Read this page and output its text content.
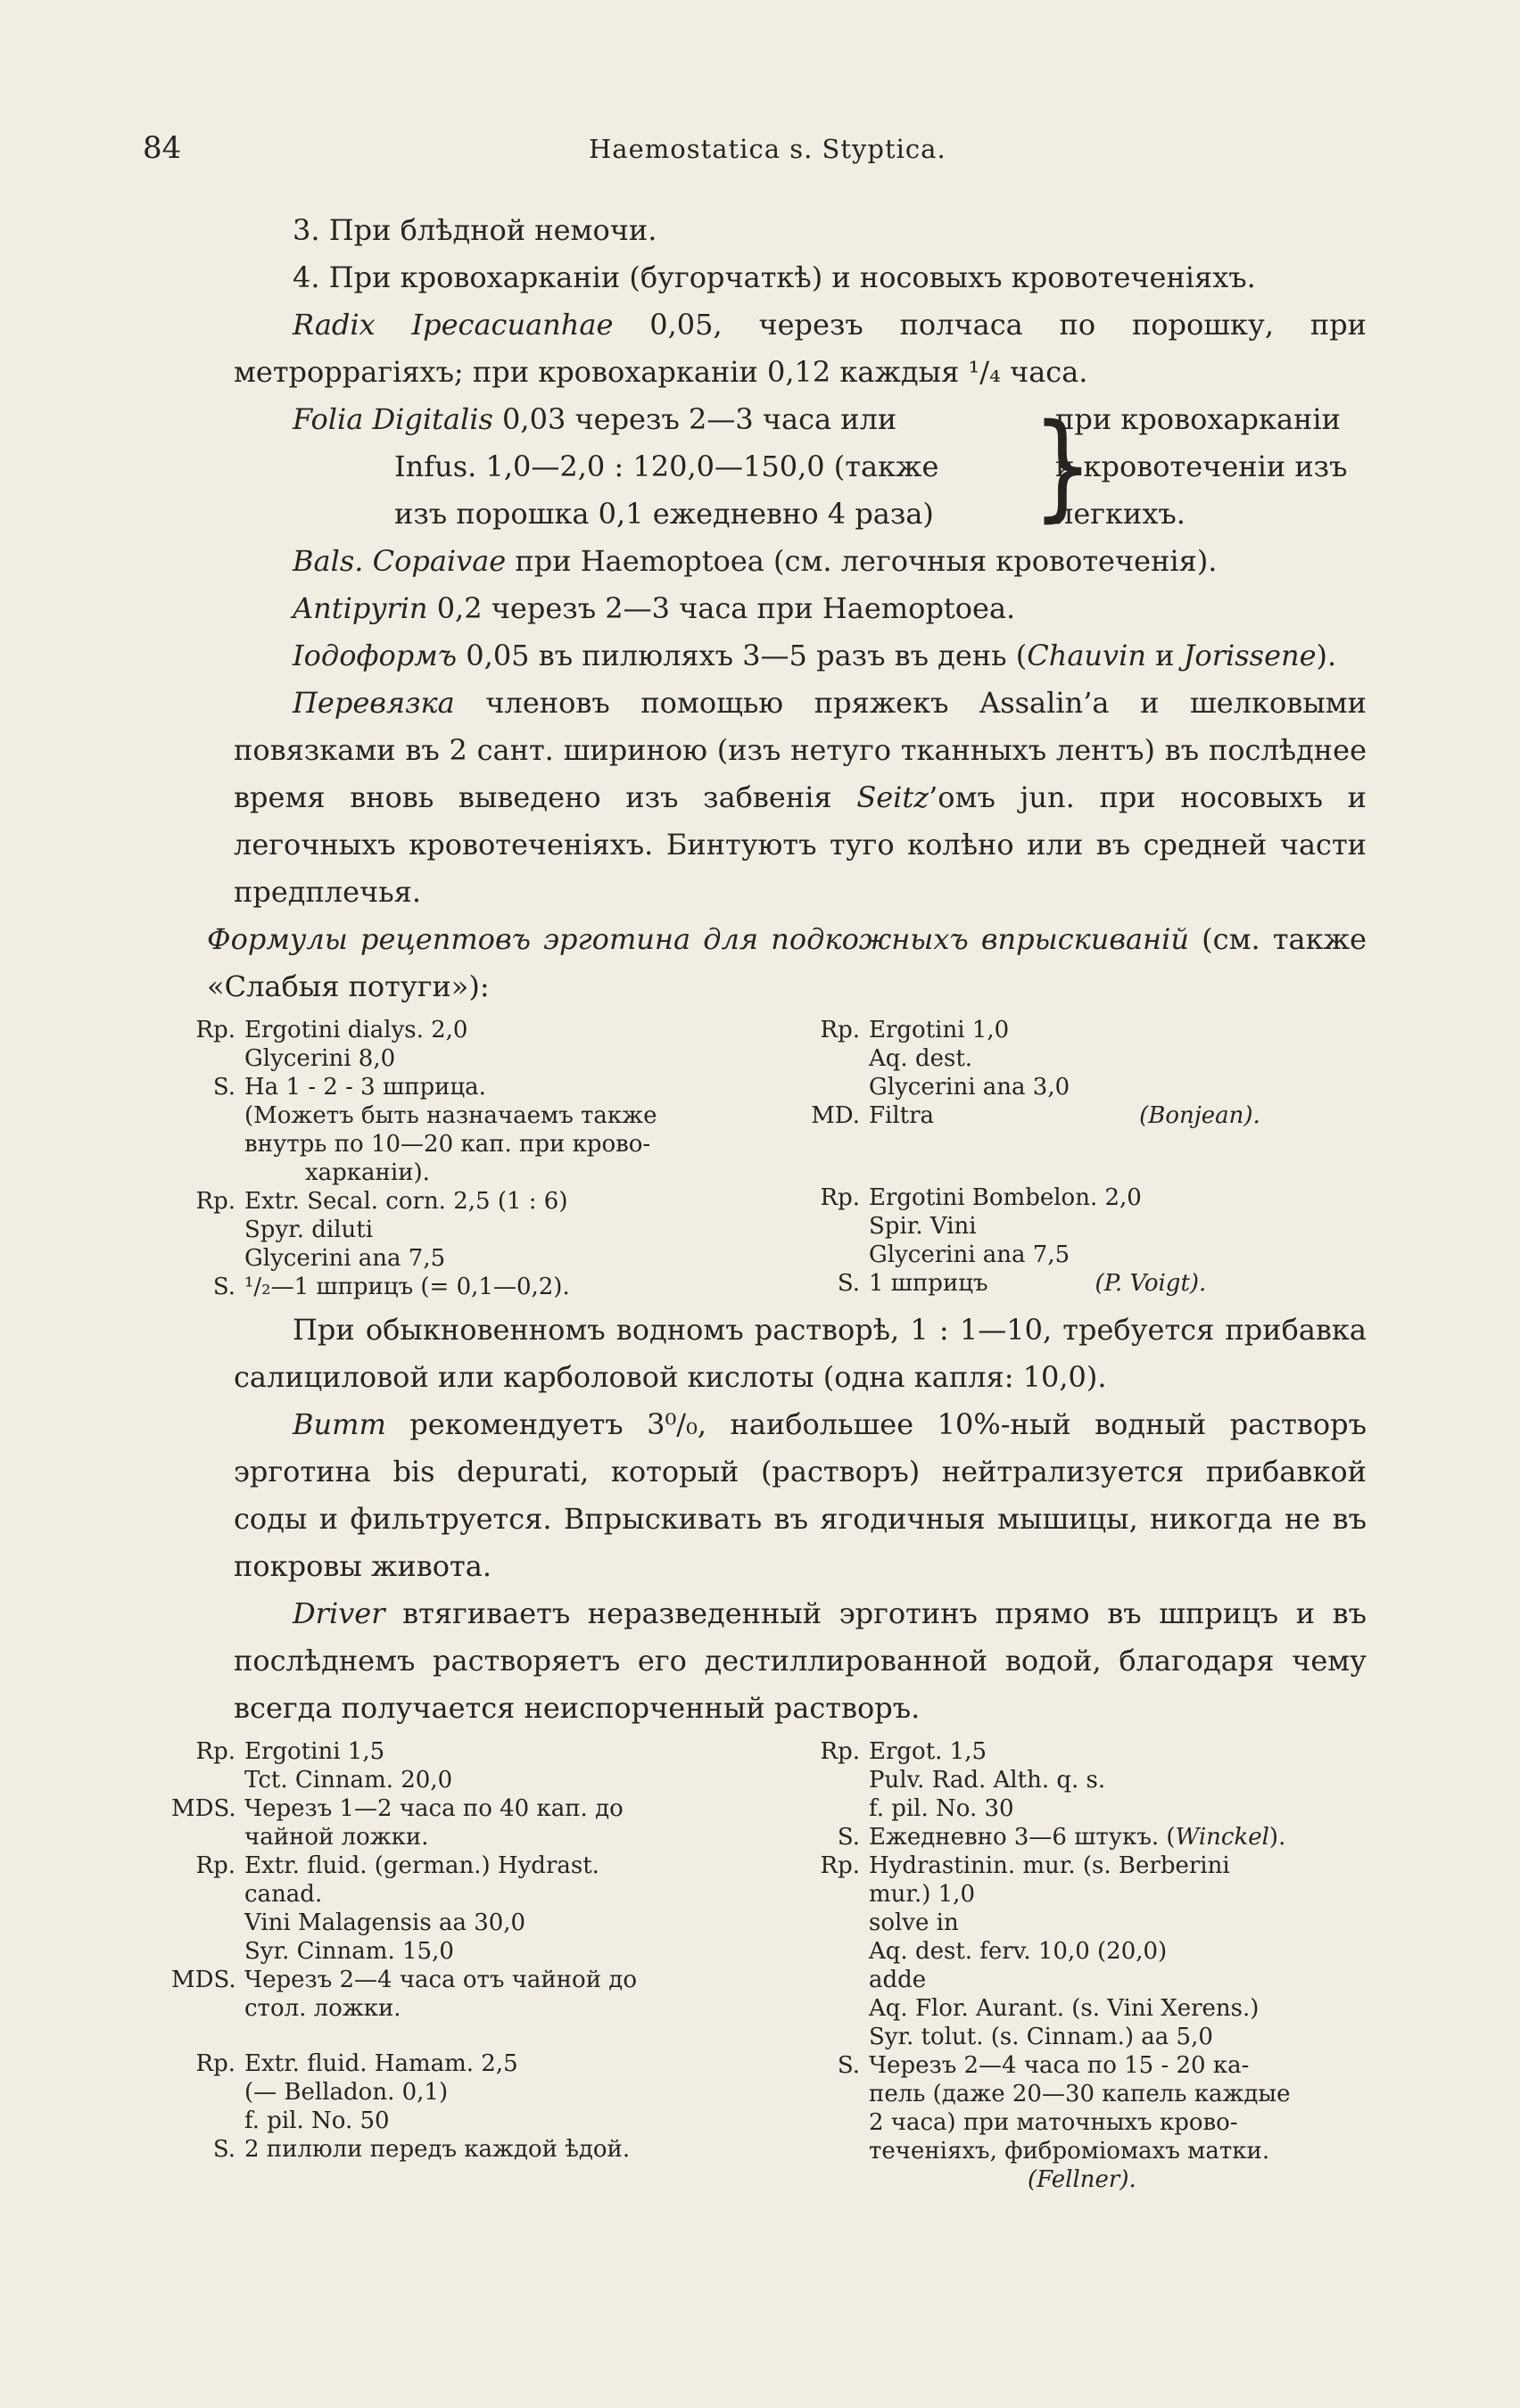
84	Haemostatica s. Styptica.

3. При блѣдной немочи.

4. При кровохарканіи (бугорчаткѣ) и носовыхъ кровотеченіяхъ.

Radix Ipecacuanhae 0,05, черезъ полчаса по порошку, при метроррагіяхъ; при кровохарканіи 0,12 каждыя ¹/₄ часа.

Folia Digitalis 0,03 черезъ 2—3 часа или
Infus. 1,0—2,0 : 120,0—150,0 (также
изъ порошка 0,1 ежедневно 4 раза)	}
при кровохарканіи и кровотеченіи изъ легкихъ.

Bals. Copaivae при Haemoptoea (см. легочныя кровотеченія).

Antipyrin 0,2 черезъ 2—3 часа при Haemoptoea.

Іодоформъ 0,05 въ пилюляхъ 3—5 разъ въ день (Chauvin и Jorissene).

Перевязка членовъ помощью пряжекъ Assalin’a и шелковыми повязками въ 2 сант. шириною (изъ нетуго тканныхъ лентъ) въ послѣднее время вновь выведено изъ забвенія Seitz’омъ jun. при носовыхъ и легочныхъ кровотеченіяхъ. Бинтуютъ туго колѣно или въ средней части предплечья.

Формулы рецептовъ эрготина для подкожныхъ впрыскиваній (см. также «Слабыя потуги»):

Rp. Ergotini dialys. 2,0
Glycerini 8,0
S. На 1 - 2 - 3 шприца.
(Можетъ быть назначаемъ также
внутрь по 10—20 кап. при крово-
харканіи).
Rp. Extr. Secal. corn. 2,5 (1 : 6)
Spyr. diluti
Glycerini ana 7,5
S. ¹/₂—1 шприцъ (= 0,1—0,2).
Rp. Ergotini 1,0
Aq. dest.
Glycerini ana 3,0
MD. Filtra	(Bonjean).
Rp. Ergotini Bombelon. 2,0
Spir. Vini
Glycerini ana 7,5
S. 1 шприцъ	(P. Voigt).

При обыкновенномъ водномъ растворѣ, 1 : 1—10, требуется прибавка салициловой или карболовой кислоты (одна капля: 10,0).

Bumm рекомендуетъ 3⁰/₀, наибольшее 10%-ный водный растворъ эрготина bis depurati, который (растворъ) нейтрализуется прибавкой соды и фильтруется. Впрыскивать въ ягодичныя мышицы, никогда не въ покровы живота.

Driver втягиваетъ неразведенный эрготинъ прямо въ шприцъ и въ послѣднемъ растворяетъ его дестиллированной водой, благодаря чему всегда получается неиспорченный растворъ.

Rp. Ergotini 1,5
Tct. Cinnam. 20,0
MDS. Черезъ 1—2 часа по 40 кап. до
чайной ложки.
Rp. Extr. fluid. (german.) Hydrast.
canad.
Vini Malagensis aa 30,0
Syr. Cinnam. 15,0
MDS. Черезъ 2—4 часа отъ чайной до
стол. ложки.
Rp. Extr. fluid. Hamam. 2,5
(— Belladon. 0,1)
f. pil. No. 50
S. 2 пилюли передъ каждой ѣдой.
Rp. Ergot. 1,5
Pulv. Rad. Alth. q. s.
f. pil. No. 30
S. Ежедневно 3—6 штукъ. (Winckel).
Rp. Hydrastinin. mur. (s. Berberini
mur.) 1,0
solve in
Aq. dest. ferv. 10,0 (20,0)
adde
Aq. Flor. Aurant. (s. Vini Xerens.)
Syr. tolut. (s. Cinnam.) aa 5,0
S. Черезъ 2—4 часа по 15 - 20 ка-
пель (даже 20—30 капель каждые
2 часа) при маточныхъ крово-
теченіяхъ, фиброміомахъ матки.
(Fellner).
